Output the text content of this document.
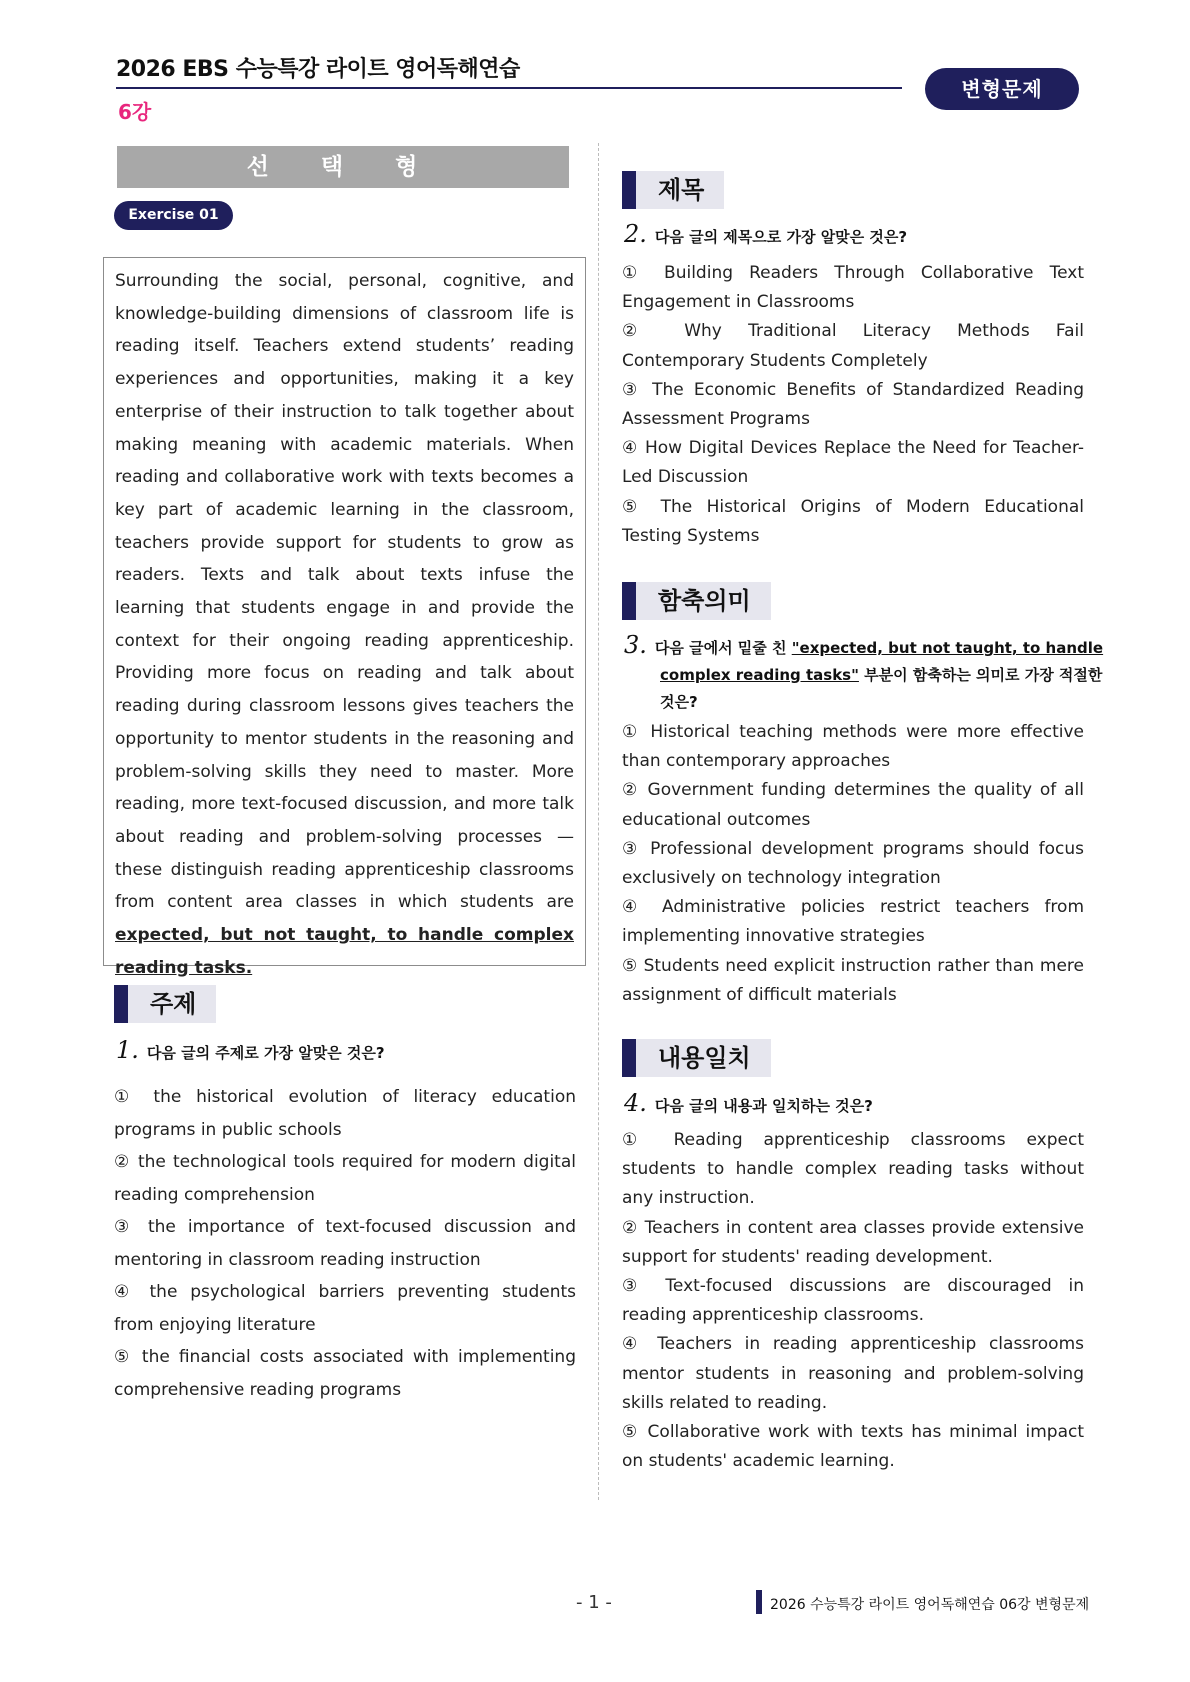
2026 EBS 수능특강 라이트 영어독해연습
6강
변형문제
선 택 형
Exercise 01

Surrounding the social, personal, cognitive, and knowledge-building dimensions of classroom life is reading itself. Teachers extend students’ reading experiences and opportunities, making it a key enterprise of their instruction to talk together about making meaning with academic materials. When reading and collaborative work with texts becomes a key part of academic learning in the classroom, teachers provide support for students to grow as readers. Texts and talk about texts infuse the learning that students engage in and provide the context for their ongoing reading apprenticeship. Providing more focus on reading and talk about reading during classroom lessons gives teachers the opportunity to mentor students in the reasoning and problem-solving skills they need to master. More reading, more text-focused discussion, and more talk about reading and problem-solving processes — these distinguish reading apprenticeship classrooms from content area classes in which students are expected, but not taught, to handle complex reading tasks.

주제
1. 다음 글의 주제로 가장 알맞은 것은?
① the historical evolution of literacy education programs in public schools
② the technological tools required for modern digital reading comprehension
③ the importance of text-focused discussion and mentoring in classroom reading instruction
④ the psychological barriers preventing students from enjoying literature
⑤ the financial costs associated with implementing comprehensive reading programs
제목
2. 다음 글의 제목으로 가장 알맞은 것은?
① Building Readers Through Collaborative Text Engagement in Classrooms
② Why Traditional Literacy Methods Fail Contemporary Students Completely
③ The Economic Benefits of Standardized Reading Assessment Programs
④ How Digital Devices Replace the Need for Teacher-Led Discussion
⑤ The Historical Origins of Modern Educational Testing Systems
함축의미
3. 다음 글에서 밑줄 친 "expected, but not taught, to handle complex reading tasks" 부분이 함축하는 의미로 가장 적절한 것은?
① Historical teaching methods were more effective than contemporary approaches
② Government funding determines the quality of all educational outcomes
③ Professional development programs should focus exclusively on technology integration
④ Administrative policies restrict teachers from implementing innovative strategies
⑤ Students need explicit instruction rather than mere assignment of difficult materials
내용일치
4. 다음 글의 내용과 일치하는 것은?
① Reading apprenticeship classrooms expect students to handle complex reading tasks without any instruction.
② Teachers in content area classes provide extensive support for students' reading development.
③ Text-focused discussions are discouraged in reading apprenticeship classrooms.
④ Teachers in reading apprenticeship classrooms mentor students in reasoning and problem-solving skills related to reading.
⑤ Collaborative work with texts has minimal impact on students' academic learning.
- 1 -	2026 수능특강 라이트 영어독해연습 06강 변형문제
